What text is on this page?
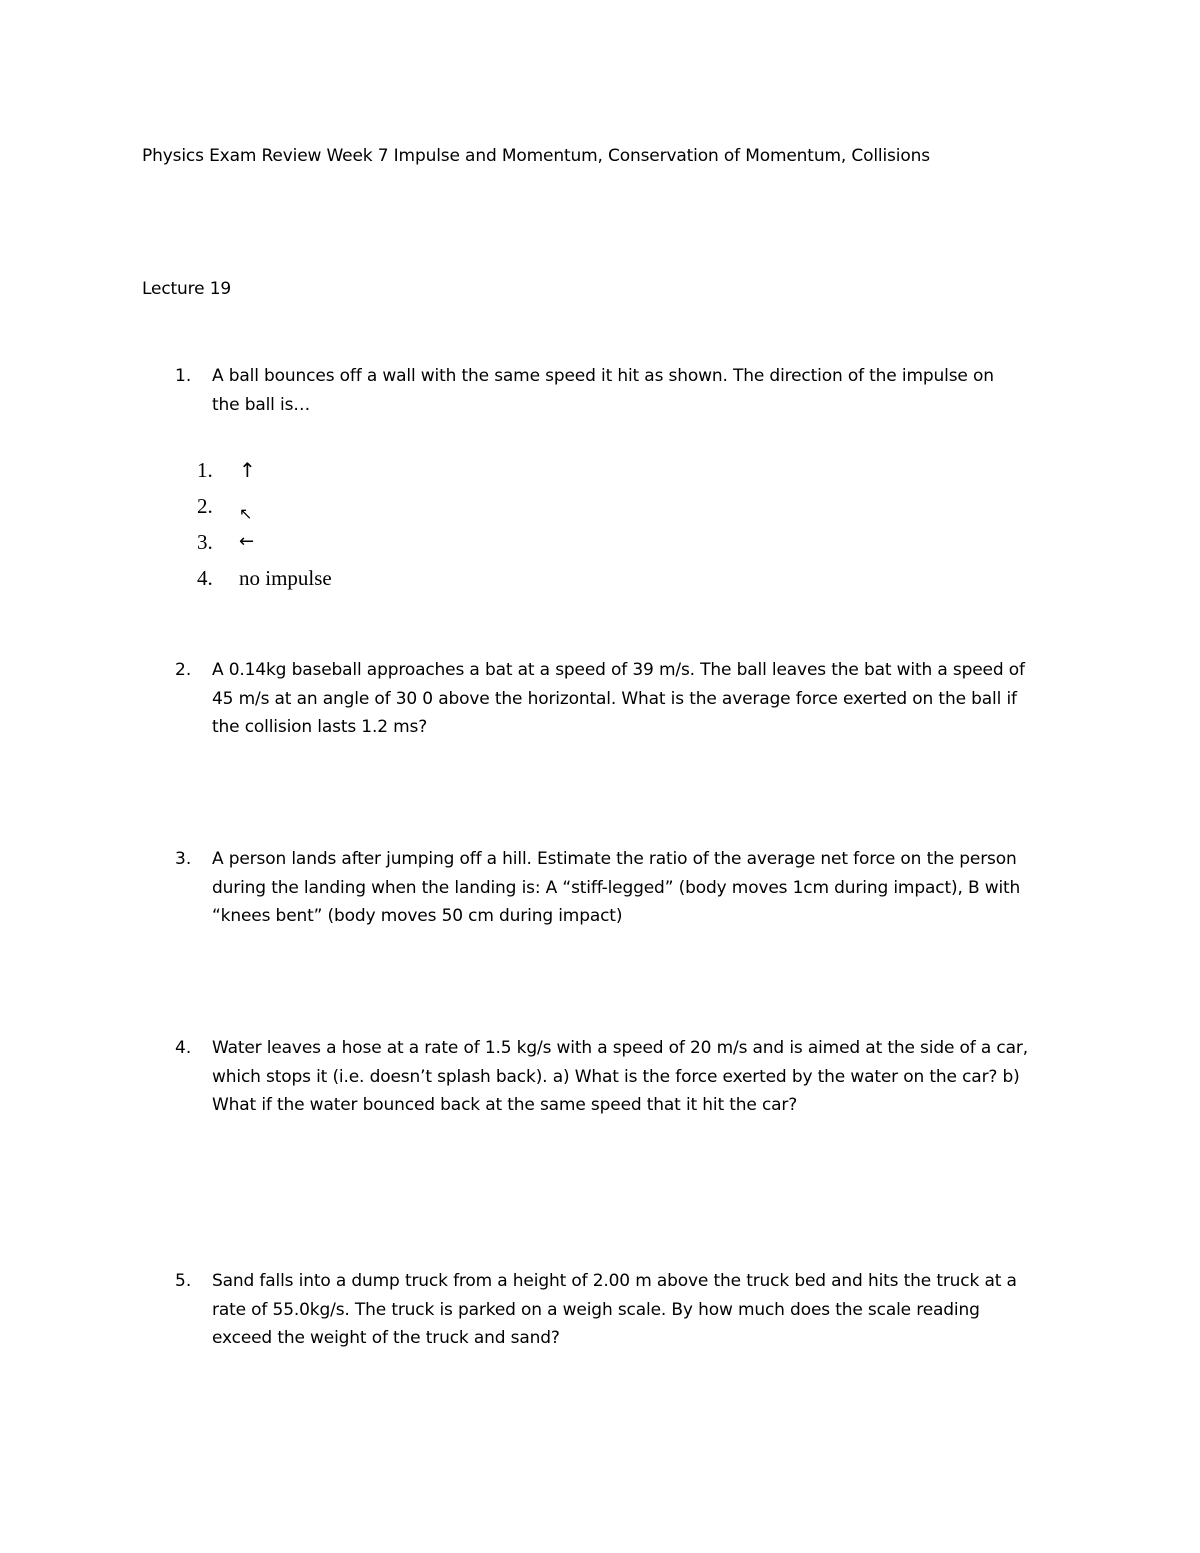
Physics Exam Review Week 7 Impulse and Momentum, Conservation of Momentum, Collisions
Lecture 19
1. A ball bounces off a wall with the same speed it hit as shown. The direction of the impulse on
the ball is…
1.	↑
2.	↖
3.	←
4.	no impulse
2. A 0.14kg baseball approaches a bat at a speed of 39 m/s. The ball leaves the bat with a speed of
45 m/s at an angle of 30 0 above the horizontal. What is the average force exerted on the ball if
the collision lasts 1.2 ms?
3. A person lands after jumping off a hill. Estimate the ratio of the average net force on the person
during the landing when the landing is: A “stiff-legged” (body moves 1cm during impact), B with
“knees bent” (body moves 50 cm during impact)
4. Water leaves a hose at a rate of 1.5 kg/s with a speed of 20 m/s and is aimed at the side of a car,
which stops it (i.e. doesn’t splash back). a) What is the force exerted by the water on the car? b)
What if the water bounced back at the same speed that it hit the car?
5. Sand falls into a dump truck from a height of 2.00 m above the truck bed and hits the truck at a
rate of 55.0kg/s. The truck is parked on a weigh scale. By how much does the scale reading
exceed the weight of the truck and sand?
